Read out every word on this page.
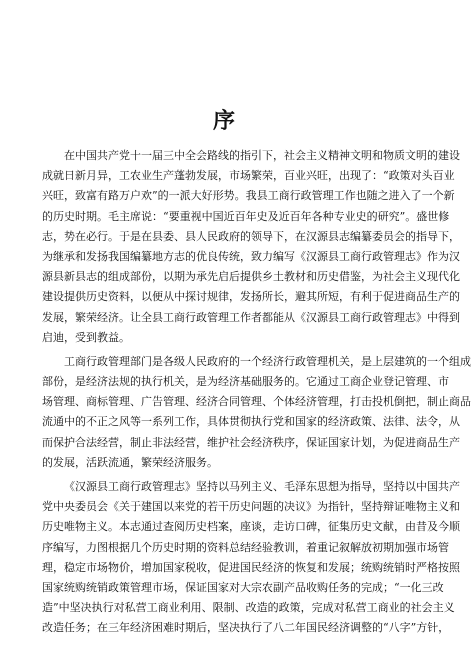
序
在中国共产党十一届三中全会路线的指引下，社会主义精神文明和物质文明的建设
成就日新月异，工农业生产蓬勃发展，市场繁荣，百业兴旺，出现了：“政策对头百业
兴旺，致富有路万户欢”的一派大好形势。我县工商行政管理工作也随之进入了一个新
的历史时期。毛主席说：“要重视中国近百年史及近百年各种专业史的研究”。盛世修
志，势在必行。于是在县委、县人民政府的领导下，在汉源县志编纂委员会的指导下，
为继承和发扬我国编纂地方志的优良传统，致力编写《汉源县工商行政管理志》作为汉
源县新县志的组成部份，以期为承先启后提供乡土教材和历史借鉴，为社会主义现代化
建设提供历史资料，以便从中探讨规律，发扬所长，避其所短，有利于促进商品生产的
发展，繁荣经济。让全县工商行政管理工作者都能从《汉源县工商行政管理志》中得到
启迪，受到教益。
工商行政管理部门是各级人民政府的一个经济行政管理机关，是上层建筑的一个组成
部份，是经济法规的执行机关，是为经济基础服务的。它通过工商企业登记管理、市
场管理、商标管理、广告管理、经济合同管理、个体经济管理，打击投机倒把，制止商品
流通中的不正之风等一系列工作，具体贯彻执行党和国家的经济政策、法律、法令，从
而保护合法经营，制止非法经营，维护社会经济秩序，保证国家计划，为促进商品生产
的发展，活跃流通，繁荣经济服务。
《汉源县工商行政管理志》坚持以马列主义、毛泽东思想为指导，坚持以中国共产
党中央委员会《关于建国以来党的若干历史问题的决议》为指针，坚持辩证唯物主义和
历史唯物主义。本志通过查阅历史档案，座谈，走访口碑，征集历史文献，由昔及今顺
序编写，力图根据几个历史时期的资料总结经验教训，着重记叙解放初期加强市场管
理，稳定市场物价，增加国家税收，促进国民经济的恢复和发展；统购统销时严格按照
国家统购统销政策管理市场，保证国家对大宗农副产品收购任务的完成；“一化三改
造”中坚决执行对私营工商业利用、限制、改造的政策，完成对私营工商业的社会主义
改造任务；在三年经济困难时期后，坚决执行了八二年国民经济调整的“八字”方针，
